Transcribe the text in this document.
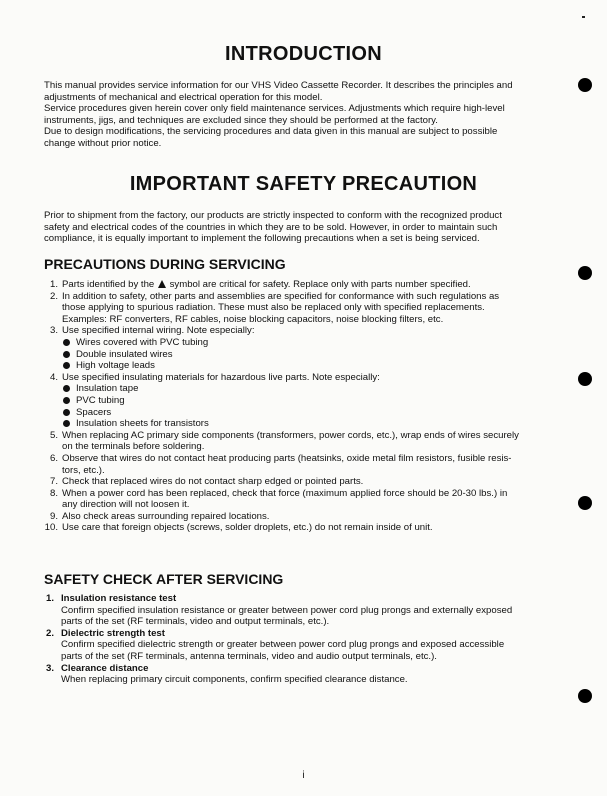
INTRODUCTION
This manual provides service information for our VHS Video Cassette Recorder. It describes the principles and
adjustments of mechanical and electrical operation for this model.
Service procedures given herein cover only field maintenance services. Adjustments which require high-level
instruments, jigs, and techniques are excluded since they should be performed at the factory.
Due to design modifications, the servicing procedures and data given in this manual are subject to possible
change without prior notice.
IMPORTANT SAFETY PRECAUTION
Prior to shipment from the factory, our products are strictly inspected to conform with the recognized product
safety and electrical codes of the countries in which they are to be sold. However, in order to maintain such
compliance, it is equally important to implement the following precautions when a set is being serviced.
PRECAUTIONS DURING SERVICING
1. Parts identified by the  symbol are critical for safety. Replace only with parts number specified.
2. In addition to safety, other parts and assemblies are specified for conformance with such regulations as
those applying to spurious radiation. These must also be replaced only with specified replacements.
Examples: RF converters, RF cables, noise blocking capacitors, noise blocking filters, etc.
3. Use specified internal wiring. Note especially:
Wires covered with PVC tubing
Double insulated wires
High voltage leads
4. Use specified insulating materials for hazardous live parts. Note especially:
Insulation tape
PVC tubing
Spacers
Insulation sheets for transistors
5. When replacing AC primary side components (transformers, power cords, etc.), wrap ends of wires securely
on the terminals before soldering.
6. Observe that wires do not contact heat producing parts (heatsinks, oxide metal film resistors, fusible resis-
tors, etc.).
7. Check that replaced wires do not contact sharp edged or pointed parts.
8. When a power cord has been replaced, check that force (maximum applied force should be 20-30 lbs.) in
any direction will not loosen it.
9. Also check areas surrounding repaired locations.
10. Use care that foreign objects (screws, solder droplets, etc.) do not remain inside of unit.
SAFETY CHECK AFTER SERVICING
1. Insulation resistance test
Confirm specified insulation resistance or greater between power cord plug prongs and externally exposed
parts of the set (RF terminals, video and output terminals, etc.).
2. Dielectric strength test
Confirm specified dielectric strength or greater between power cord plug prongs and exposed accessible
parts of the set (RF terminals, antenna terminals, video and audio output terminals, etc.).
3. Clearance distance
When replacing primary circuit components, confirm specified clearance distance.
i
